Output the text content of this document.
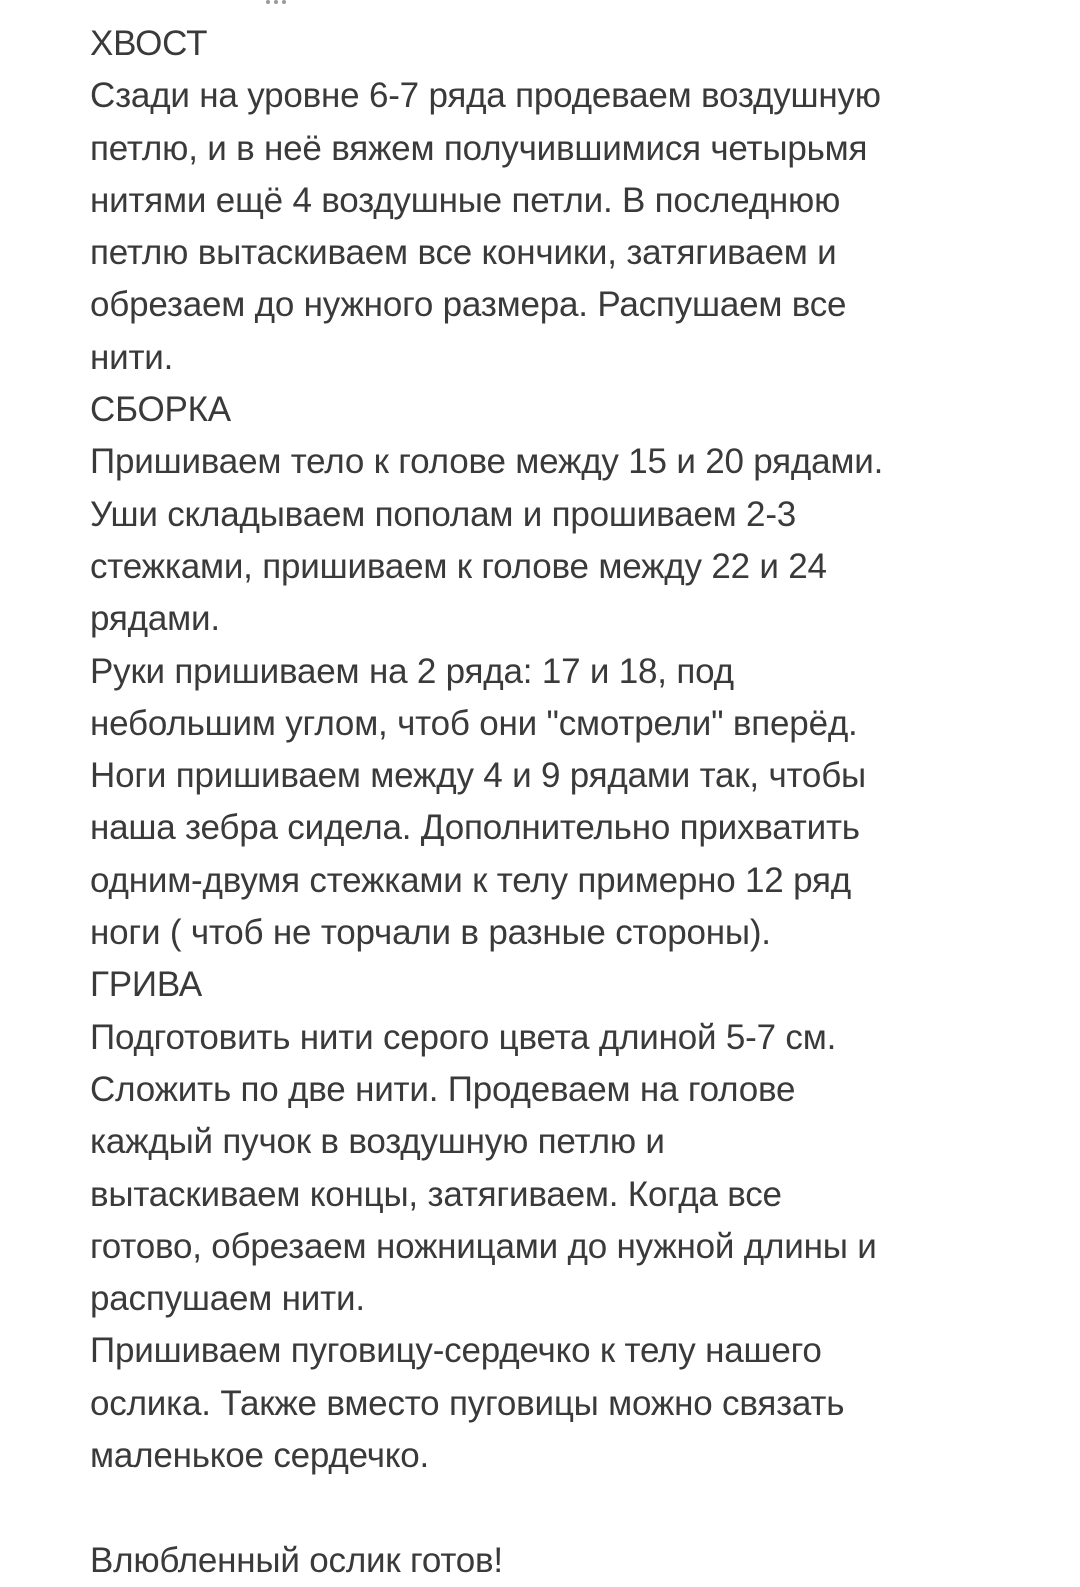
ХВОСТ
Сзади на уровне 6-7 ряда продеваем воздушную
петлю, и в неё вяжем получившимися четырьмя
нитями ещё 4 воздушные петли. В последнюю
петлю вытаскиваем все кончики, затягиваем и
обрезаем до нужного размера. Распушаем все
нити.
СБОРКА
Пришиваем тело к голове между 15 и 20 рядами.
Уши складываем пополам и прошиваем 2-3
стежками, пришиваем к голове между 22 и 24
рядами.
Руки пришиваем на 2 ряда: 17 и 18, под
небольшим углом, чтоб они "смотрели" вперёд.
Ноги пришиваем между 4 и 9 рядами так, чтобы
наша зебра сидела. Дополнительно прихватить
одним-двумя стежками к телу примерно 12 ряд
ноги ( чтоб не торчали в разные стороны).
ГРИВА
Подготовить нити серого цвета длиной 5-7 см.
Сложить по две нити. Продеваем на голове
каждый пучок в воздушную петлю и
вытаскиваем концы, затягиваем. Когда все
готово, обрезаем ножницами до нужной длины и
распушаем нити.
Пришиваем пуговицу-сердечко к телу нашего
ослика. Также вместо пуговицы можно связать
маленькое сердечко.
Влюбленный ослик готов!
